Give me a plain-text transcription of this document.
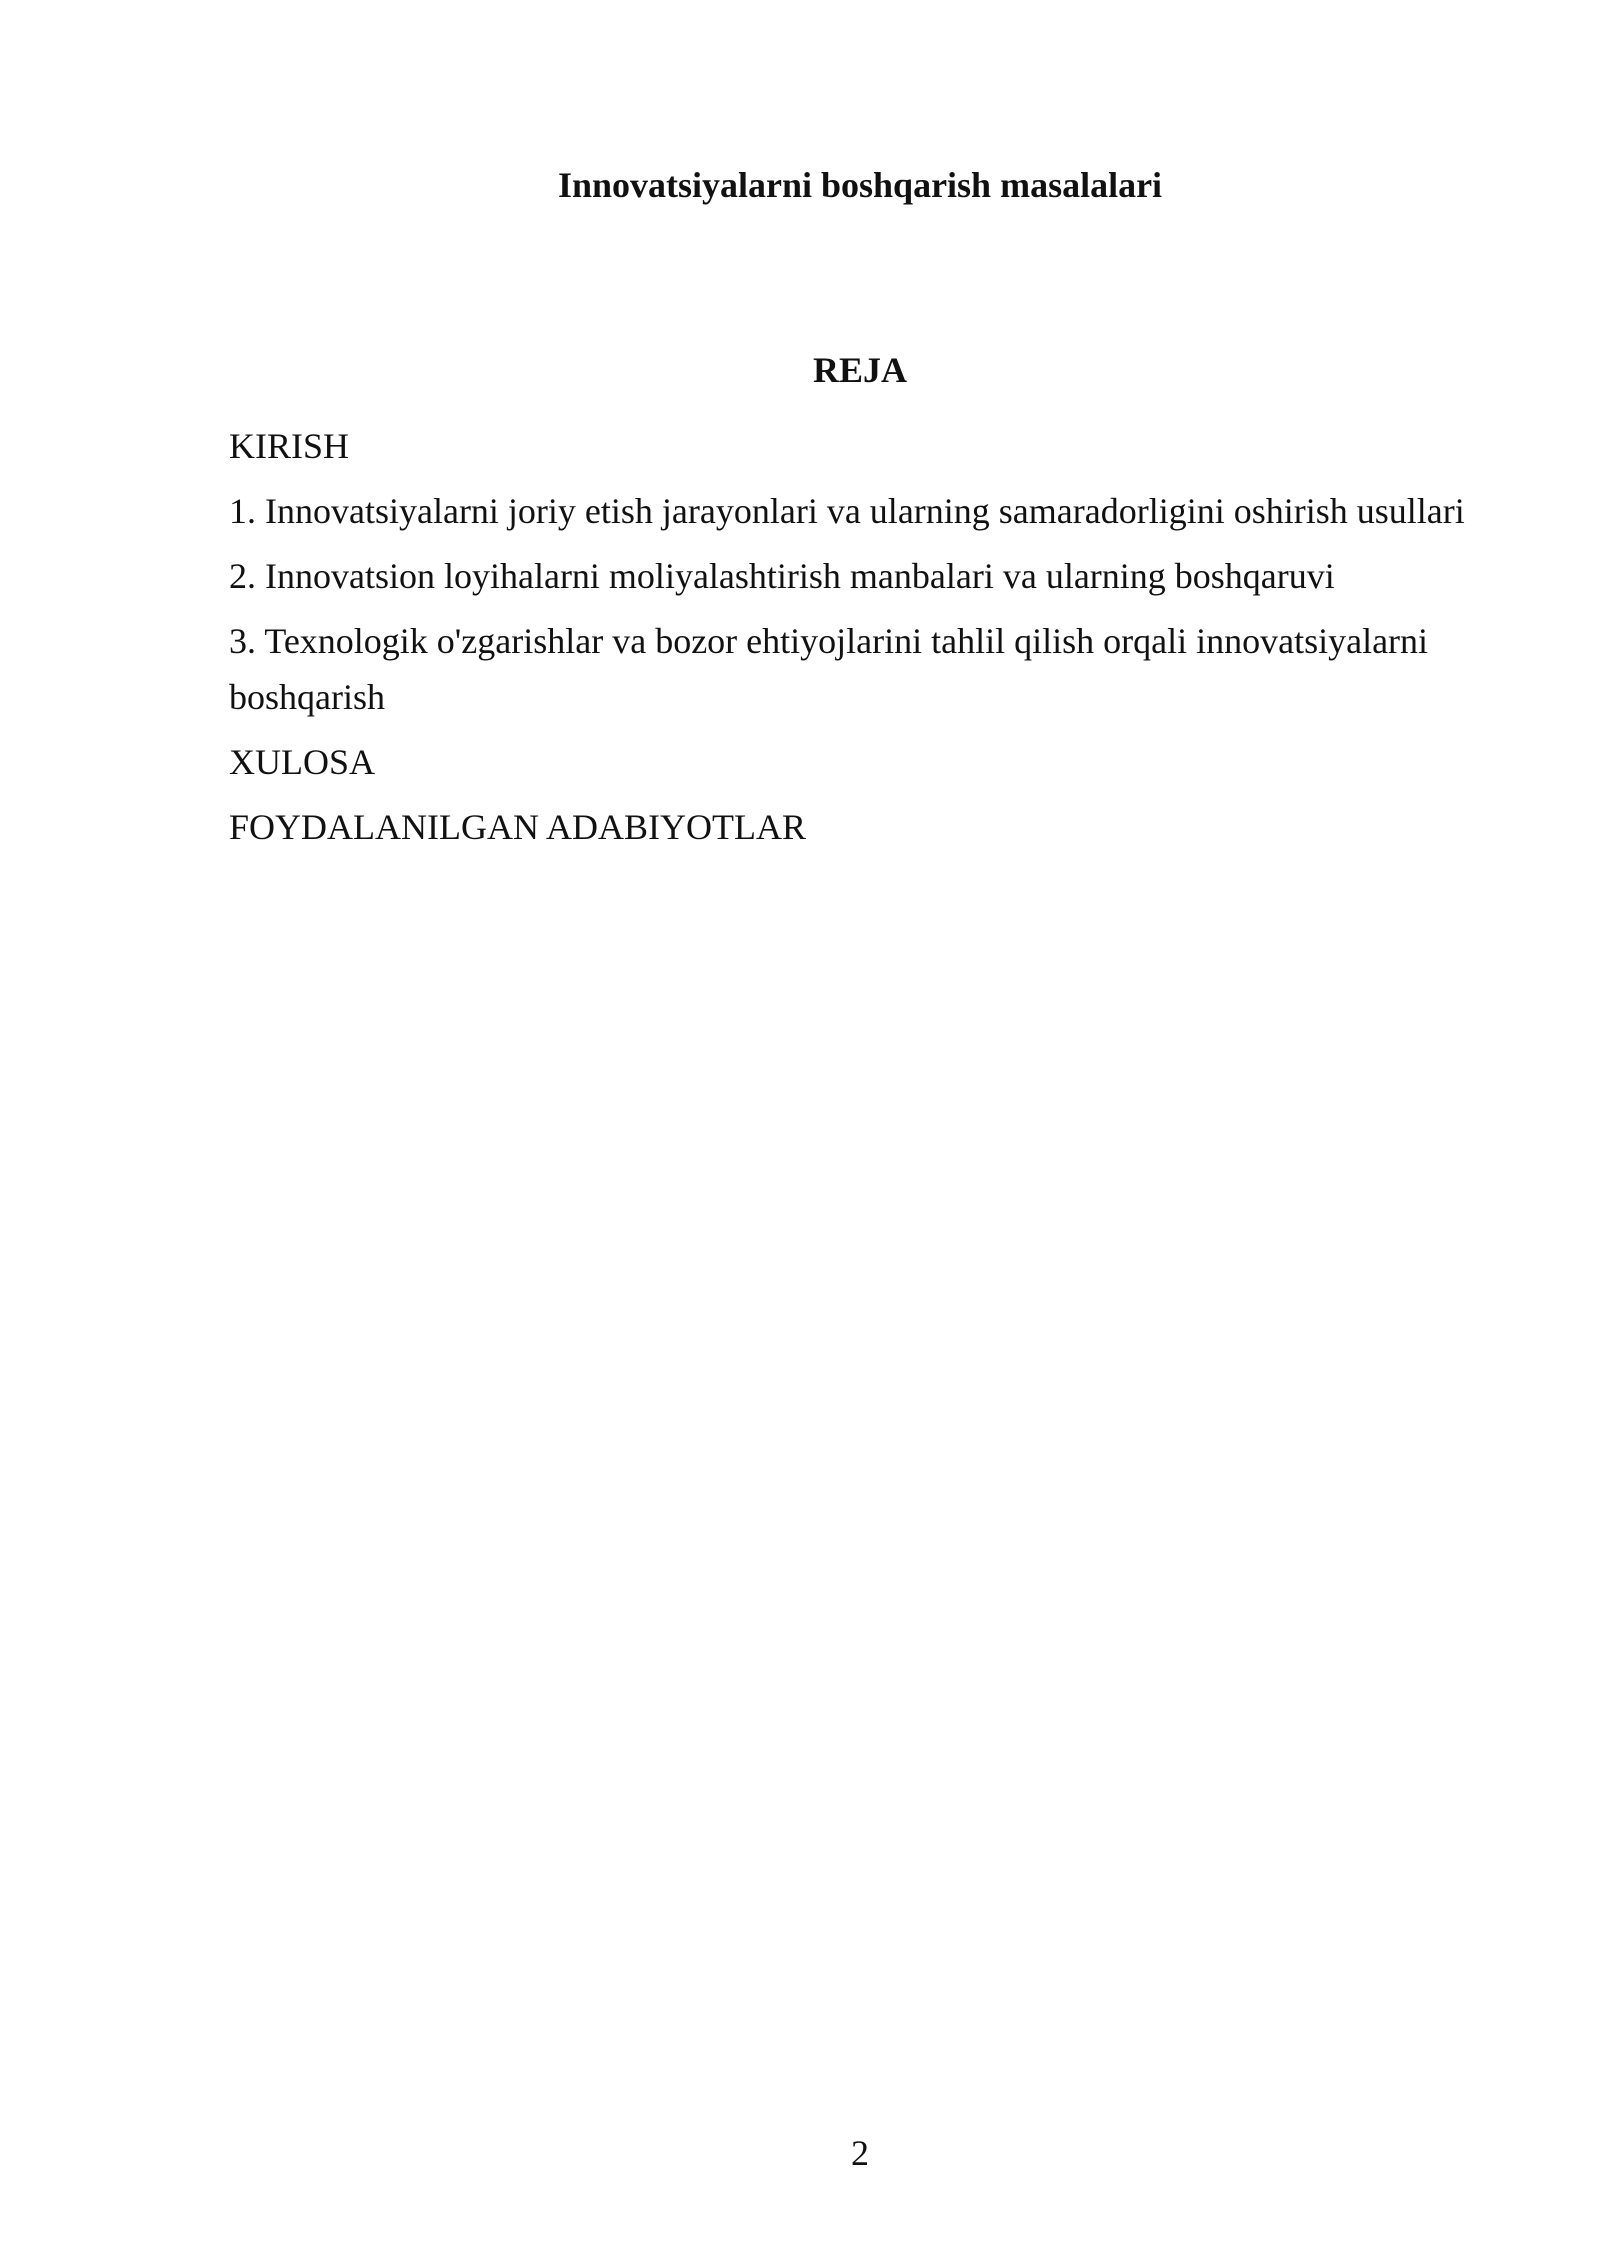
Innovatsiyalarni boshqarish masalalari
REJA
KIRISH
1. Innovatsiyalarni joriy etish jarayonlari va ularning samaradorligini oshirish usullari
2. Innovatsion loyihalarni moliyalashtirish manbalari va ularning boshqaruvi
3. Texnologik o'zgarishlar va bozor ehtiyojlarini tahlil qilish orqali innovatsiyalarni boshqarish
XULOSA
FOYDALANILGAN ADABIYOTLAR
2
